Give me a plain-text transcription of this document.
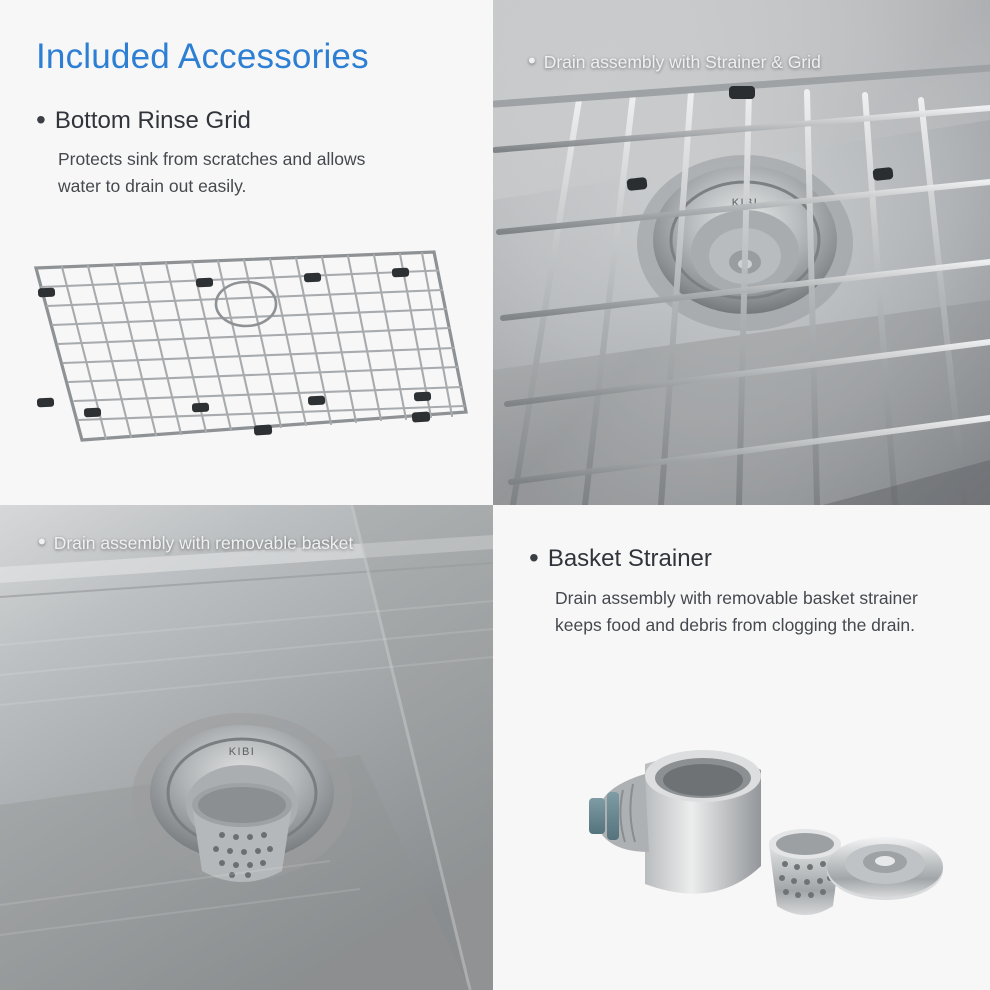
Included Accessories
• Bottom Rinse Grid

Protects sink from scratches and allows water to drain out easily.

• Drain assembly with Strainer & Grid
KIBI
• Drain assembly with removable basket
KIBI
• Basket Strainer

Drain assembly with removable basket strainer keeps food and debris from clogging the drain.
